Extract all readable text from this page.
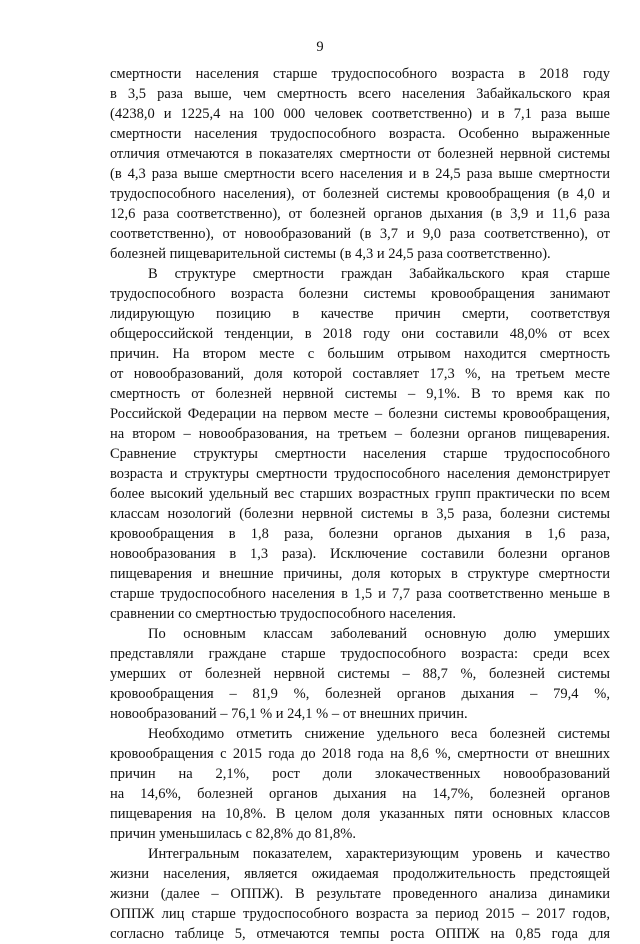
9
смертности населения старше трудоспособного возраста в 2018 году
в 3,5 раза выше, чем смертность всего населения Забайкальского края
(4238,0 и 1225,4 на 100 000 человек соответственно) и в 7,1 раза выше
смертности населения трудоспособного возраста. Особенно выраженные
отличия отмечаются в показателях смертности от болезней нервной системы
(в 4,3 раза выше смертности всего населения и в 24,5 раза выше смертности
трудоспособного населения), от болезней системы кровообращения (в 4,0 и
12,6 раза соответственно), от болезней органов дыхания (в 3,9 и 11,6 раза
соответственно), от новообразований (в 3,7 и 9,0 раза соответственно), от
болезней пищеварительной системы (в 4,3 и 24,5 раза соответственно).
В структуре смертности граждан Забайкальского края старше
трудоспособного возраста болезни системы кровообращения занимают
лидирующую позицию в качестве причин смерти, соответствуя
общероссийской тенденции, в 2018 году они составили 48,0% от всех
причин. На втором месте с большим отрывом находится смертность
от новообразований, доля которой составляет 17,3 %, на третьем месте
смертность от болезней нервной системы – 9,1%. В то время как по
Российской Федерации на первом месте – болезни системы кровообращения,
на втором – новообразования, на третьем – болезни органов пищеварения.
Сравнение структуры смертности населения старше трудоспособного
возраста и структуры смертности трудоспособного населения демонстрирует
более высокий удельный вес старших возрастных групп практически по всем
классам нозологий (болезни нервной системы в 3,5 раза, болезни системы
кровообращения в 1,8 раза, болезни органов дыхания в 1,6 раза,
новообразования в 1,3 раза). Исключение составили болезни органов
пищеварения и внешние причины, доля которых в структуре смертности
старше трудоспособного населения в 1,5 и 7,7 раза соответственно меньше в
сравнении со смертностью трудоспособного населения.
По основным классам заболеваний основную долю умерших
представляли граждане старше трудоспособного возраста: среди всех
умерших от болезней нервной системы – 88,7 %, болезней системы
кровообращения – 81,9 %, болезней органов дыхания – 79,4 %,
новообразований – 76,1 % и 24,1 % – от внешних причин.
Необходимо отметить снижение удельного веса болезней системы
кровообращения с 2015 года до 2018 года на 8,6 %, смертности от внешних
причин на 2,1%, рост доли злокачественных новообразований
на 14,6%, болезней органов дыхания на 14,7%, болезней органов
пищеварения на 10,8%. В целом доля указанных пяти основных классов
причин уменьшилась с 82,8% до 81,8%.
Интегральным показателем, характеризующим уровень и качество
жизни населения, является ожидаемая продолжительность предстоящей
жизни (далее – ОППЖ). В результате проведенного анализа динамики
ОППЖ лиц старше трудоспособного возраста за период 2015 – 2017 годов,
согласно таблице 5, отмечаются темпы роста ОППЖ на 0,85 года для
